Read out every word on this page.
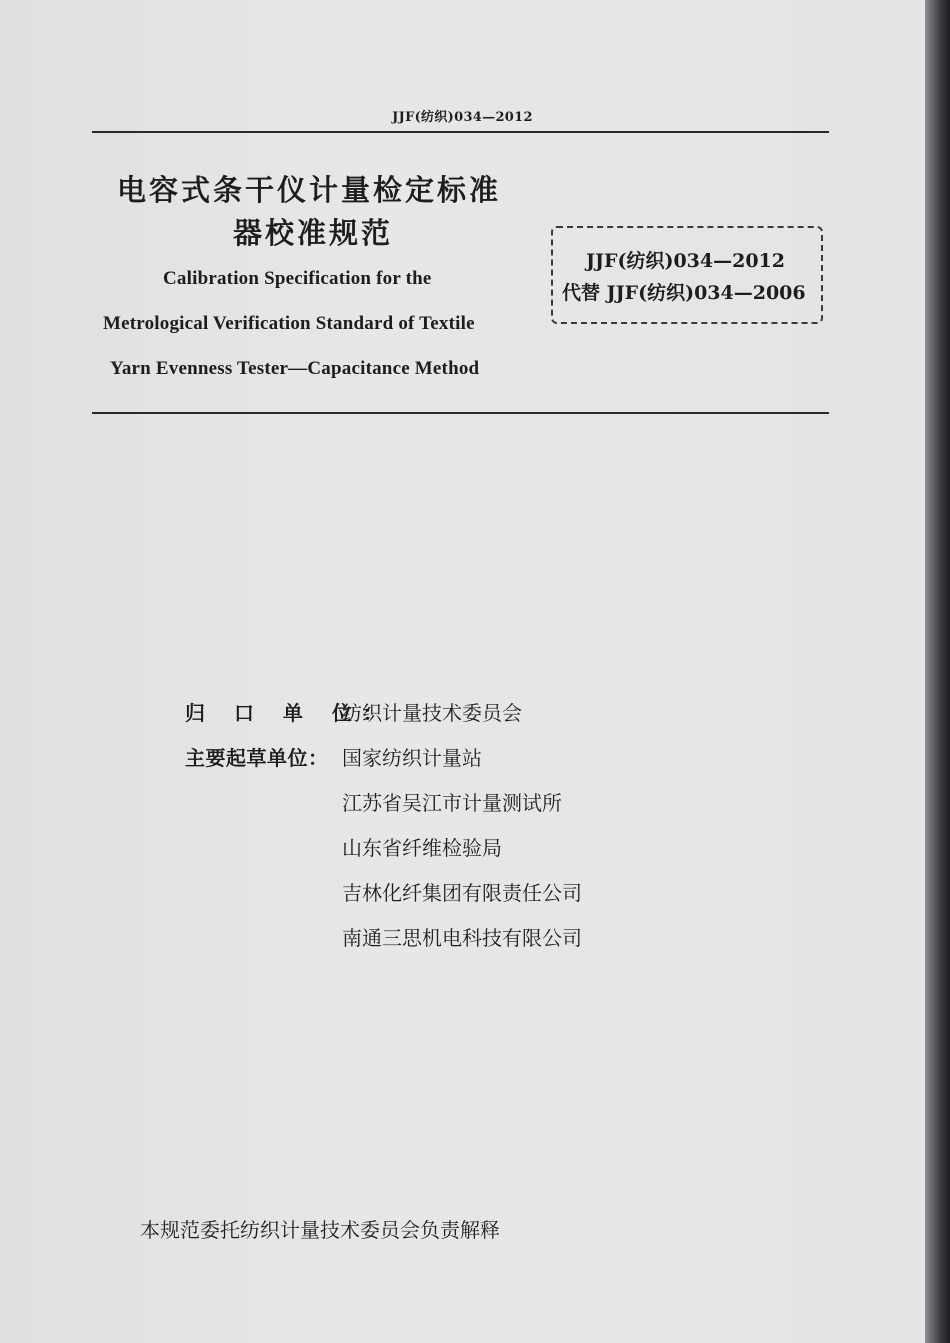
JJF(纺织)034—2012
电容式条干仪计量检定标准
器校准规范
Calibration Specification for the
Metrological Verification Standard of Textile
Yarn Evenness Tester—Capacitance Method
JJF(纺织)034—2012
代替 JJF(纺织)034—2006
归 口 单 位：
纺织计量技术委员会
主要起草单位： 国家纺织计量站
江苏省吴江市计量测试所
山东省纤维检验局
吉林化纤集团有限责任公司
南通三思机电科技有限公司
本规范委托纺织计量技术委员会负责解释
